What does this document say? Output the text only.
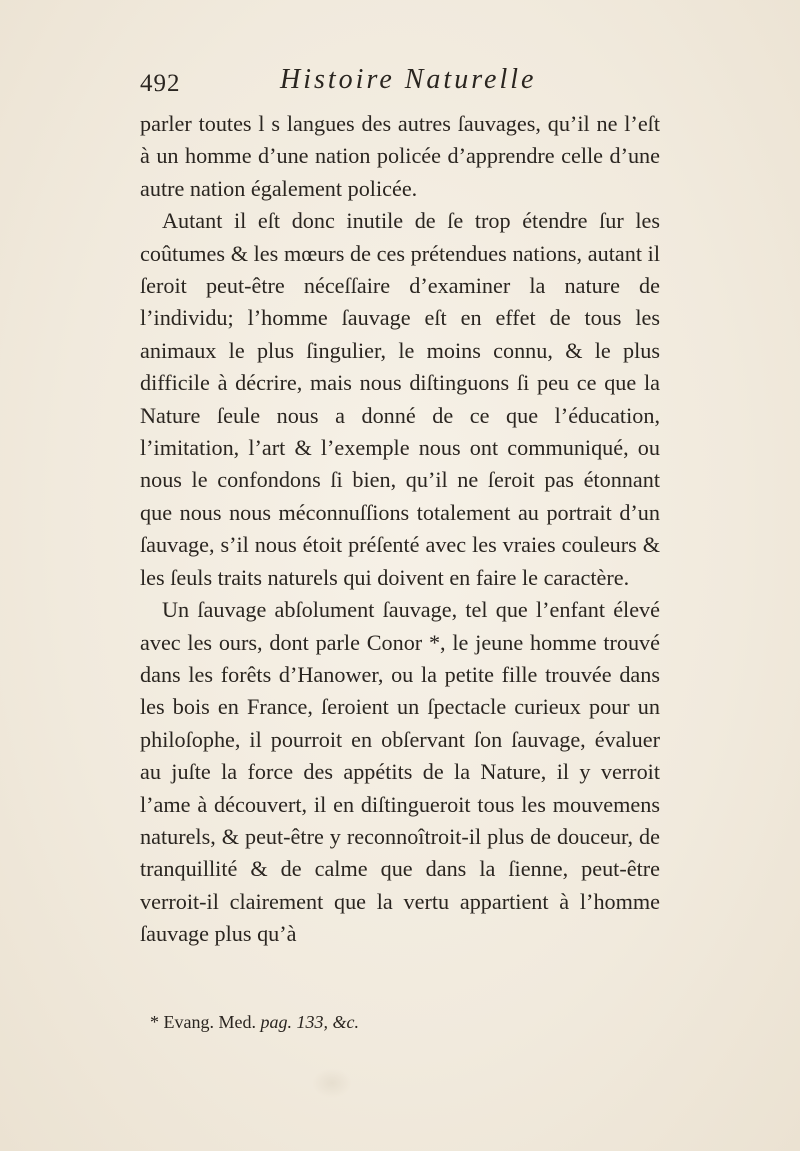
492	Histoire Naturelle

parler toutes l s langues des autres ſauvages, qu’il ne l’eſt à un homme d’une nation policée d’apprendre celle d’une autre nation également policée.

Autant il eſt donc inutile de ſe trop étendre ſur les coûtumes & les mœurs de ces prétendues nations, autant il ſeroit peut-être néceſſaire d’examiner la nature de l’individu; l’homme ſauvage eſt en effet de tous les animaux le plus ſingulier, le moins connu, & le plus difficile à décrire, mais nous diſtinguons ſi peu ce que la Nature ſeule nous a donné de ce que l’éducation, l’imitation, l’art & l’exemple nous ont communiqué, ou nous le confondons ſi bien, qu’il ne ſeroit pas étonnant que nous nous méconnuſſions totalement au portrait d’un ſauvage, s’il nous étoit préſenté avec les vraies couleurs & les ſeuls traits naturels qui doivent en faire le caractère.

Un ſauvage abſolument ſauvage, tel que l’enfant élevé avec les ours, dont parle Conor *, le jeune homme trouvé dans les forêts d’Hanower, ou la petite fille trouvée dans les bois en France, ſeroient un ſpectacle curieux pour un philoſophe, il pourroit en obſervant ſon ſauvage, évaluer au juſte la force des appétits de la Nature, il y verroit l’ame à découvert, il en diſtingueroit tous les mouvemens naturels, & peut-être y reconnoîtroit-il plus de douceur, de tranquillité & de calme que dans la ſienne, peut-être verroit-il clairement que la vertu appartient à l’homme ſauvage plus qu’à

* Evang. Med. pag. 133, &c.
